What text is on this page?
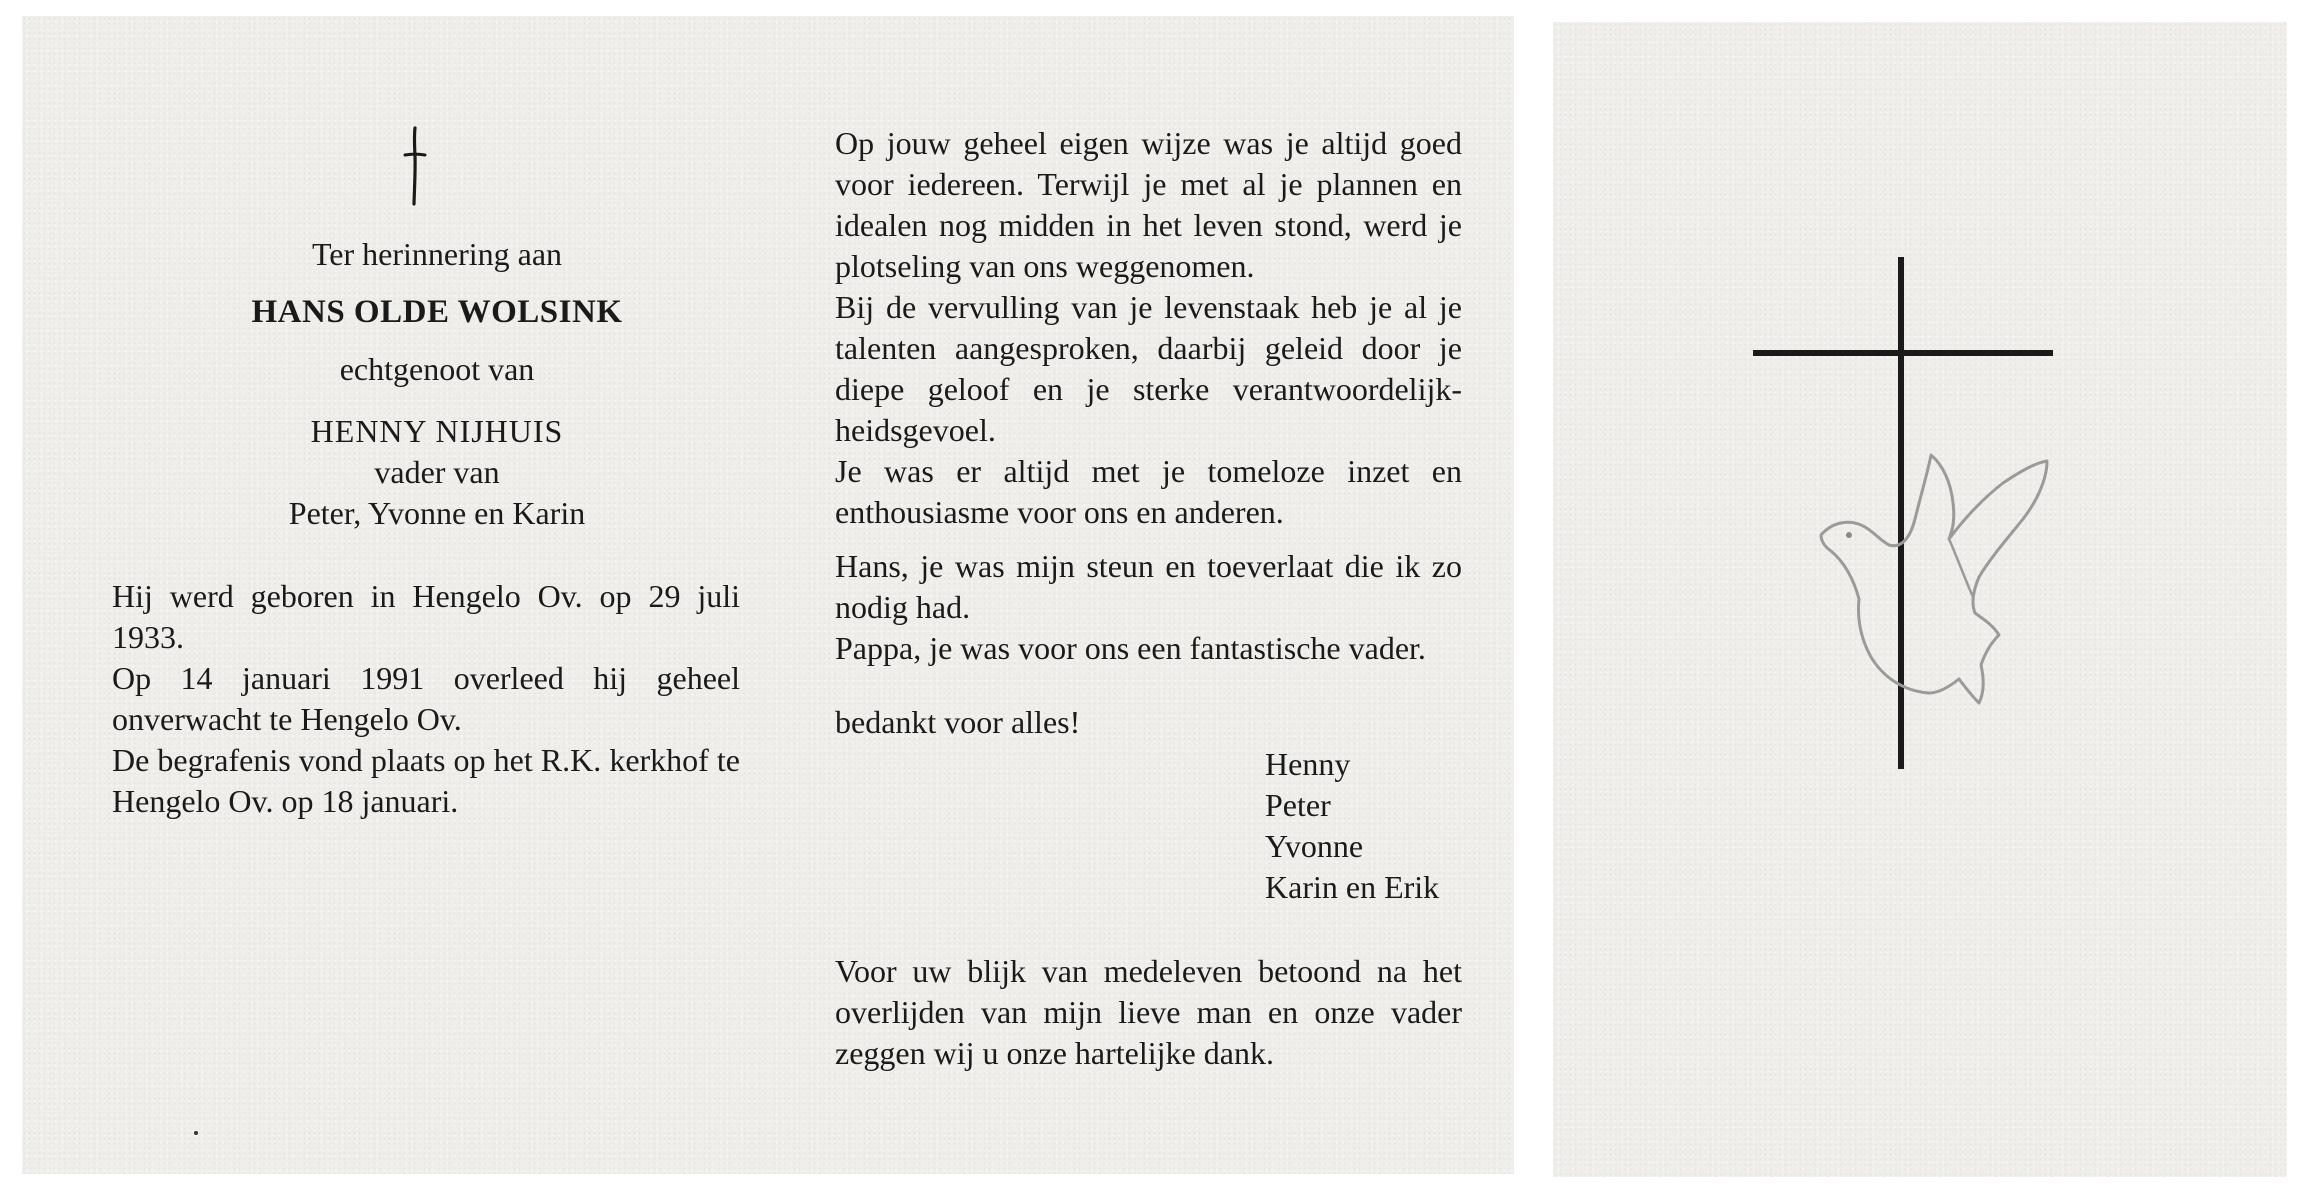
Ter herinnering aan

HANS OLDE WOLSINK

echtgenoot van

HENNY NIJHUIS

vader van

Peter, Yvonne en Karin

Hij werd geboren in Hengelo Ov. op 29 juli 1933.

Op 14 januari 1991 overleed hij geheel onverwacht te Hengelo Ov.

De begrafenis vond plaats op het R.K. kerkhof te Hengelo Ov. op 18 januari.

Op jouw geheel eigen wijze was je altijd goed voor iedereen. Terwijl je met al je plannen en idealen nog midden in het leven stond, werd je plotseling van ons weggenomen.

Bij de vervulling van je levenstaak heb je al je talenten aangesproken, daarbij geleid door je diepe geloof en je sterke verantwoordelijk-heidsgevoel.

Je was er altijd met je tomeloze inzet en enthousiasme voor ons en anderen.

Hans, je was mijn steun en toeverlaat die ik zo nodig had.

Pappa, je was voor ons een fantastische vader.

bedankt voor alles!

Henny
Peter
Yvonne
Karin en Erik

Voor uw blijk van medeleven betoond na het overlijden van mijn lieve man en onze vader zeggen wij u onze hartelijke dank.
